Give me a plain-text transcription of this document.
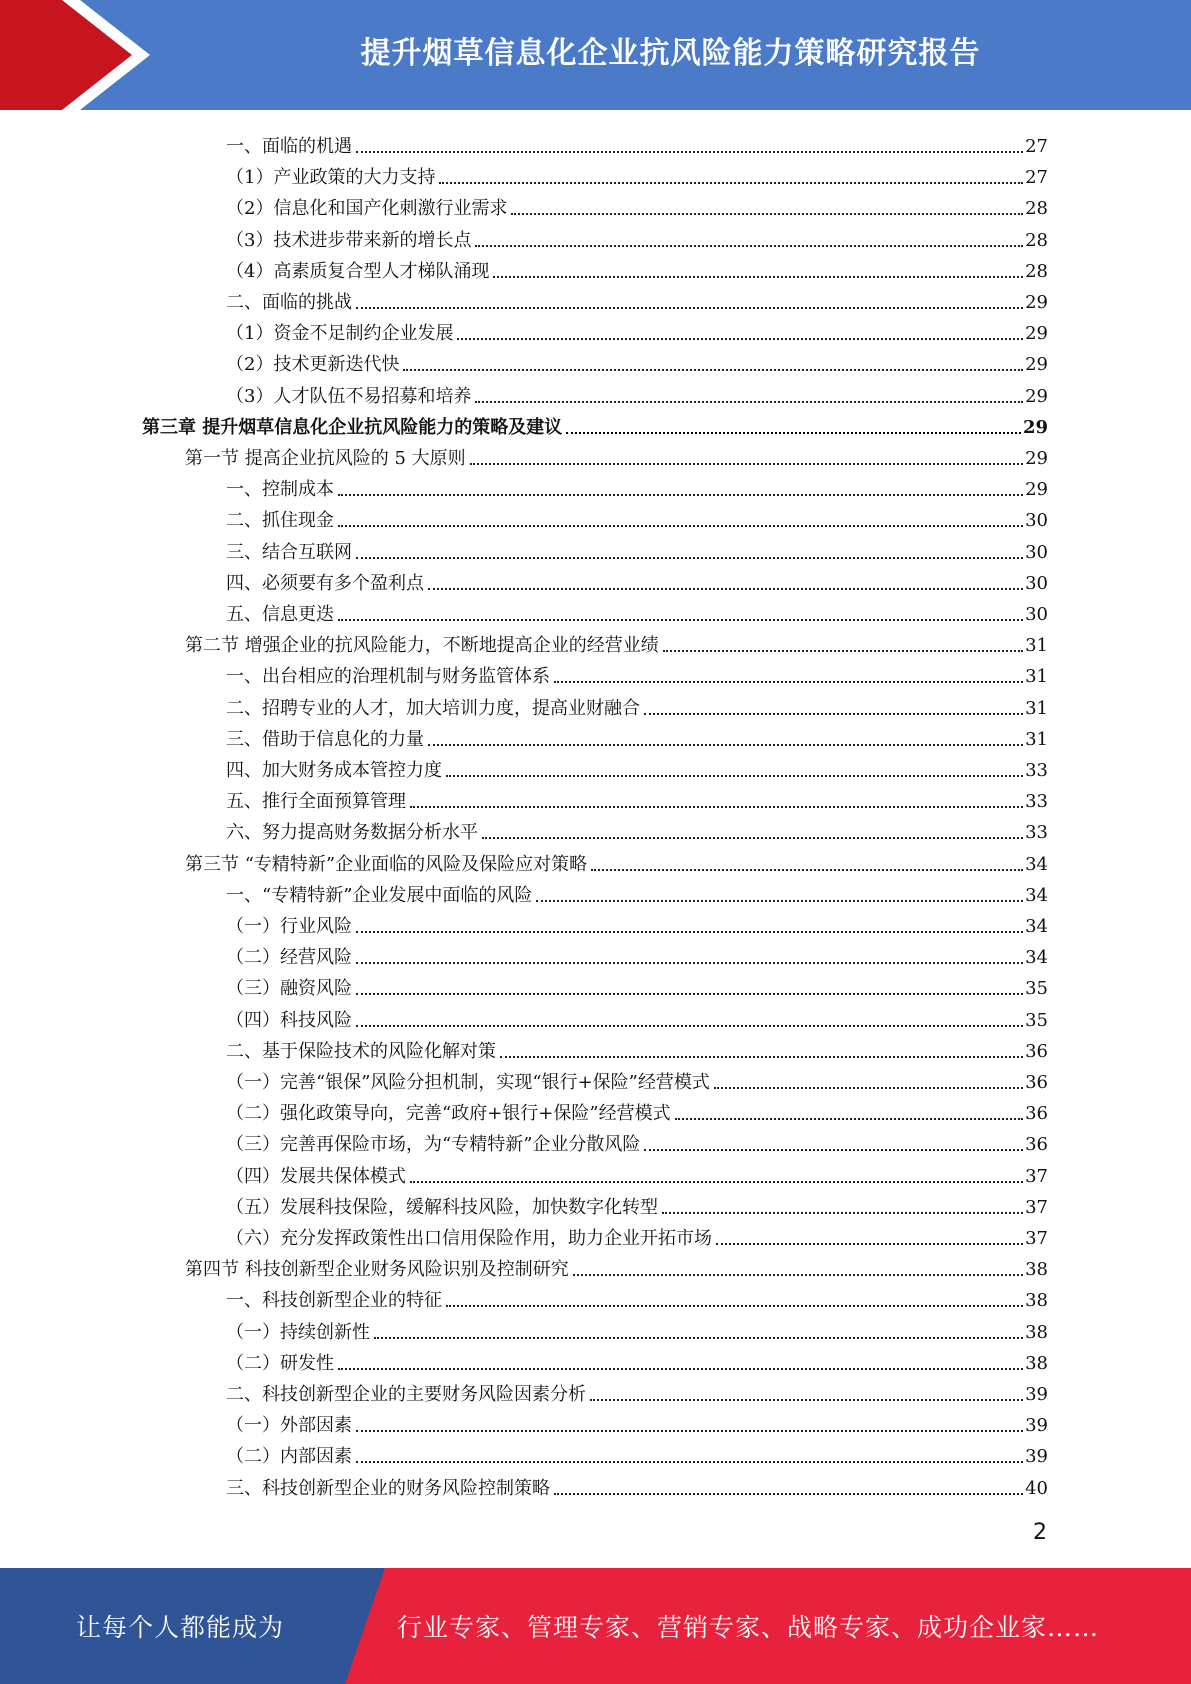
提升烟草信息化企业抗风险能力策略研究报告
一、面临的机遇	27
（1）产业政策的大力支持	27
（2）信息化和国产化刺激行业需求	28
（3）技术进步带来新的增长点	28
（4）高素质复合型人才梯队涌现	28
二、面临的挑战	29
（1）资金不足制约企业发展	29
（2）技术更新迭代快	29
（3）人才队伍不易招募和培养	29
第三章 提升烟草信息化企业抗风险能力的策略及建议	29
第一节 提高企业抗风险的 5 大原则	29
一、控制成本	29
二、抓住现金	30
三、结合互联网	30
四、必须要有多个盈利点	30
五、信息更迭	30
第二节 增强企业的抗风险能力，不断地提高企业的经营业绩	31
一、出台相应的治理机制与财务监管体系	31
二、招聘专业的人才，加大培训力度，提高业财融合	31
三、借助于信息化的力量	31
四、加大财务成本管控力度	33
五、推行全面预算管理	33
六、努力提高财务数据分析水平	33
第三节 “专精特新”企业面临的风险及保险应对策略	34
一、“专精特新”企业发展中面临的风险	34
（一）行业风险	34
（二）经营风险	34
（三）融资风险	35
（四）科技风险	35
二、基于保险技术的风险化解对策	36
（一）完善“银保”风险分担机制，实现“银行+保险”经营模式	36
（二）强化政策导向，完善“政府+银行+保险”经营模式	36
（三）完善再保险市场，为“专精特新”企业分散风险	36
（四）发展共保体模式	37
（五）发展科技保险，缓解科技风险，加快数字化转型	37
（六）充分发挥政策性出口信用保险作用，助力企业开拓市场	37
第四节 科技创新型企业财务风险识别及控制研究	38
一、科技创新型企业的特征	38
（一）持续创新性	38
（二）研发性	38
二、科技创新型企业的主要财务风险因素分析	39
（一）外部因素	39
（二）内部因素	39
三、科技创新型企业的财务风险控制策略	40
2
让每个人都能成为	行业专家、管理专家、营销专家、战略专家、成功企业家……
